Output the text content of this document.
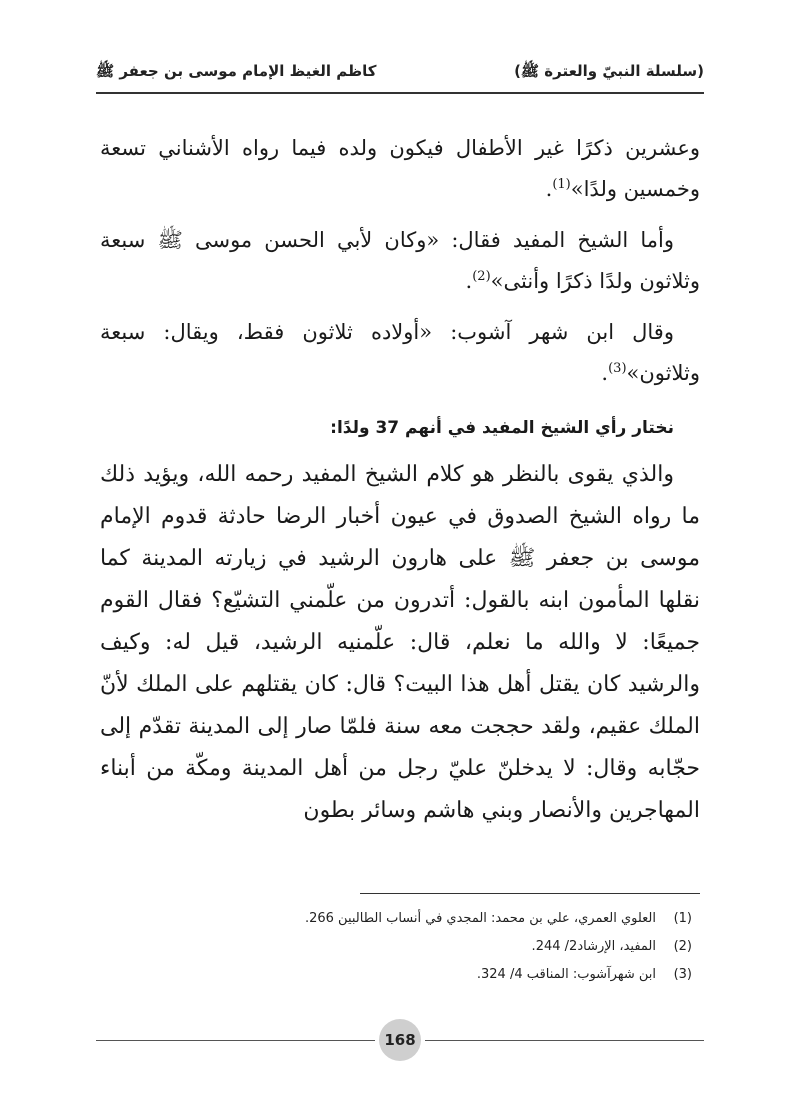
(سلسلة النبيّ والعترة ﷺ)
كاظم الغيظ الإمام موسى بن جعفر ﷺ

وعشرين ذكرًا غير الأطفال فيكون ولده فيما رواه الأشناني تسعة وخمسين ولدًا»$^{(1)}$.

وأما الشيخ المفيد فقال: «وكان لأبي الحسن موسى ﷺ سبعة وثلاثون ولدًا ذكرًا وأنثى»$^{(2)}$.

وقال ابن شهر آشوب: «أولاده ثلاثون فقط، ويقال: سبعة وثلاثون»$^{(3)}$.

نختار رأي الشيخ المفيد في أنهم 37 ولدًا:

والذي يقوى بالنظر هو كلام الشيخ المفيد رحمه الله، ويؤيد ذلك ما رواه الشيخ الصدوق في عيون أخبار الرضا حادثة قدوم الإمام موسى بن جعفر ﷺ على هارون الرشيد في زيارته المدينة كما نقلها المأمون ابنه بالقول: أتدرون من علّمني التشيّع؟ فقال القوم جميعًا: لا والله ما نعلم، قال: علّمنيه الرشيد، قيل له: وكيف والرشيد كان يقتل أهل هذا البيت؟ قال: كان يقتلهم على الملك لأنّ الملك عقيم، ولقد حججت معه سنة فلمّا صار إلى المدينة تقدّم إلى حجّابه وقال: لا يدخلنّ عليّ رجل من أهل المدينة ومكّة من أبناء المهاجرين والأنصار وبني هاشم وسائر بطون

(1)
العلوي العمري، علي بن محمد: المجدي في أنساب الطالبين 266.
(2)
المفيد، الإرشاد2/ 244.
(3)
ابن شهرآشوب: المناقب 4/ 324.
168
